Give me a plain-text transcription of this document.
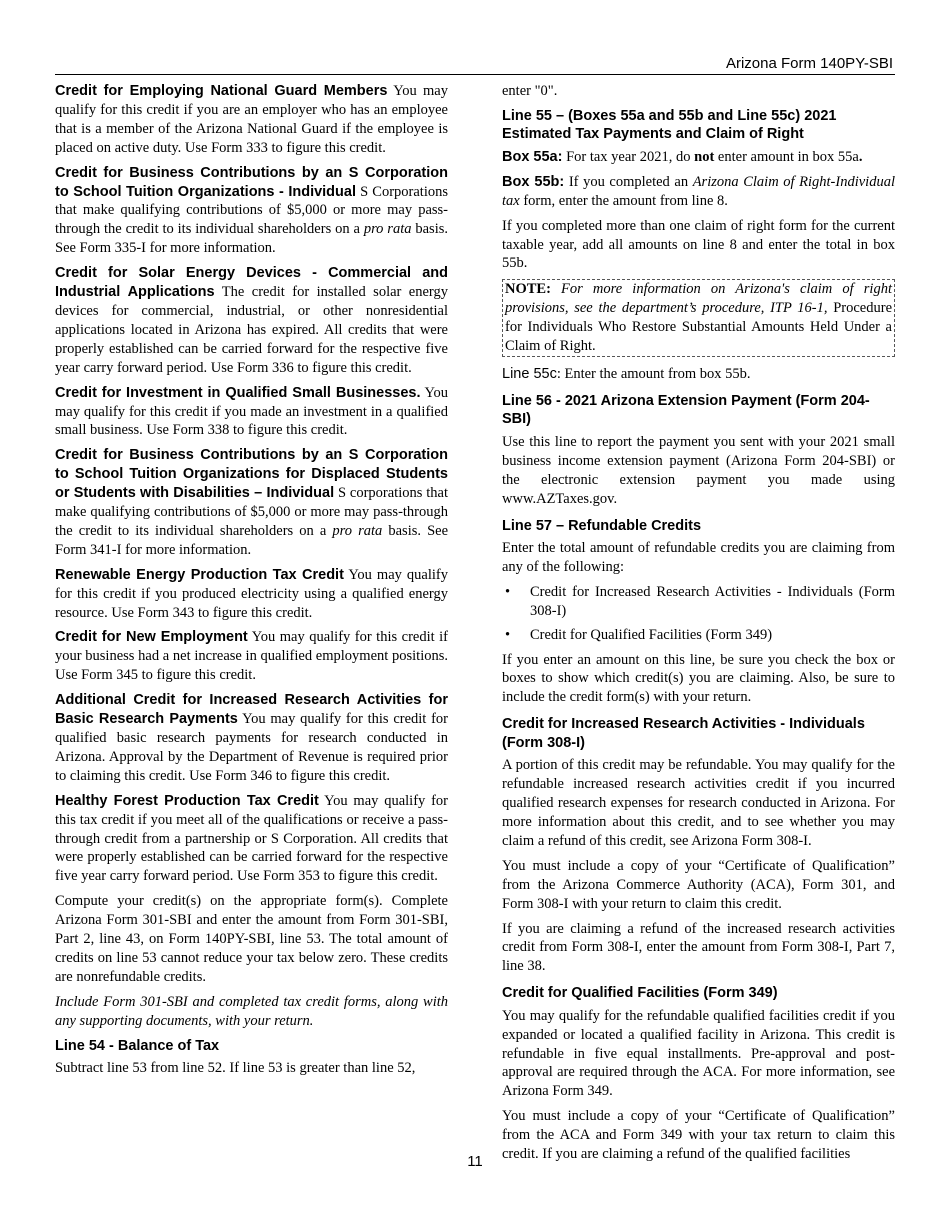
Arizona Form 140PY-SBI

Credit for Employing National Guard Members You may qualify for this credit if you are an employer who has an employee that is a member of the Arizona National Guard if the employee is placed on active duty. Use Form 333 to figure this credit.

Credit for Business Contributions by an S Corporation to School Tuition Organizations - Individual S Corporations that make qualifying contributions of $5,000 or more may pass-through the credit to its individual shareholders on a pro rata basis. See Form 335-I for more information.

Credit for Solar Energy Devices - Commercial and Industrial Applications The credit for installed solar energy devices for commercial, industrial, or other nonresidential applications located in Arizona has expired. All credits that were properly established can be carried forward for the respective five year carry forward period. Use Form 336 to figure this credit.

Credit for Investment in Qualified Small Businesses. You may qualify for this credit if you made an investment in a qualified small business. Use Form 338 to figure this credit.

Credit for Business Contributions by an S Corporation to School Tuition Organizations for Displaced Students or Students with Disabilities – Individual S corporations that make qualifying contributions of $5,000 or more may pass-through the credit to its individual shareholders on a pro rata basis. See Form 341-I for more information.

Renewable Energy Production Tax Credit You may qualify for this credit if you produced electricity using a qualified energy resource. Use Form 343 to figure this credit.

Credit for New Employment You may qualify for this credit if your business had a net increase in qualified employment positions. Use Form 345 to figure this credit.

Additional Credit for Increased Research Activities for Basic Research Payments You may qualify for this credit for qualified basic research payments for research conducted in Arizona. Approval by the Department of Revenue is required prior to claiming this credit. Use Form 346 to figure this credit.

Healthy Forest Production Tax Credit You may qualify for this tax credit if you meet all of the qualifications or receive a pass-through credit from a partnership or S Corporation. All credits that were properly established can be carried forward for the respective five year carry forward period. Use Form 353 to figure this credit.

Compute your credit(s) on the appropriate form(s). Complete Arizona Form 301-SBI and enter the amount from Form 301-SBI, Part 2, line 43, on Form 140PY-SBI, line 53. The total amount of credits on line 53 cannot reduce your tax below zero. These credits are nonrefundable credits.

Include Form 301-SBI and completed tax credit forms, along with any supporting documents, with your return.

Line 54 - Balance of Tax

Subtract line 53 from line 52. If line 53 is greater than line 52,

enter "0".

Line 55 – (Boxes 55a and 55b and Line 55c) 2021 Estimated Tax Payments and Claim of Right

Box 55a: For tax year 2021, do not enter amount in box 55a.

Box 55b: If you completed an Arizona Claim of Right-Individual tax form, enter the amount from line 8.

If you completed more than one claim of right form for the current taxable year, add all amounts on line 8 and enter the total in box 55b.

NOTE: For more information on Arizona's claim of right provisions, see the department’s procedure, ITP 16-1, Procedure for Individuals Who Restore Substantial Amounts Held Under a Claim of Right.

Line 55c: Enter the amount from box 55b.

Line 56 - 2021 Arizona Extension Payment (Form 204-SBI)

Use this line to report the payment you sent with your 2021 small business income extension payment (Arizona Form 204-SBI) or the electronic extension payment you made using www.AZTaxes.gov.

Line 57 – Refundable Credits

Enter the total amount of refundable credits you are claiming from any of the following:

• Credit for Increased Research Activities - Individuals (Form 308-I)
• Credit for Qualified Facilities (Form 349)

If you enter an amount on this line, be sure you check the box or boxes to show which credit(s) you are claiming. Also, be sure to include the credit form(s) with your return.

Credit for Increased Research Activities - Individuals (Form 308-I)

A portion of this credit may be refundable. You may qualify for the refundable increased research activities credit if you incurred qualified research expenses for research conducted in Arizona. For more information about this credit, and to see whether you may claim a refund of this credit, see Arizona Form 308-I.

You must include a copy of your “Certificate of Qualification” from the Arizona Commerce Authority (ACA), Form 301, and Form 308-I with your return to claim this credit.

If you are claiming a refund of the increased research activities credit from Form 308-I, enter the amount from Form 308-I, Part 7, line 38.

Credit for Qualified Facilities (Form 349)

You may qualify for the refundable qualified facilities credit if you expanded or located a qualified facility in Arizona. This credit is refundable in five equal installments. Pre-approval and post-approval are required through the ACA. For more information, see Arizona Form 349.

You must include a copy of your “Certificate of Qualification” from the ACA and Form 349 with your tax return to claim this credit. If you are claiming a refund of the qualified facilities

11
